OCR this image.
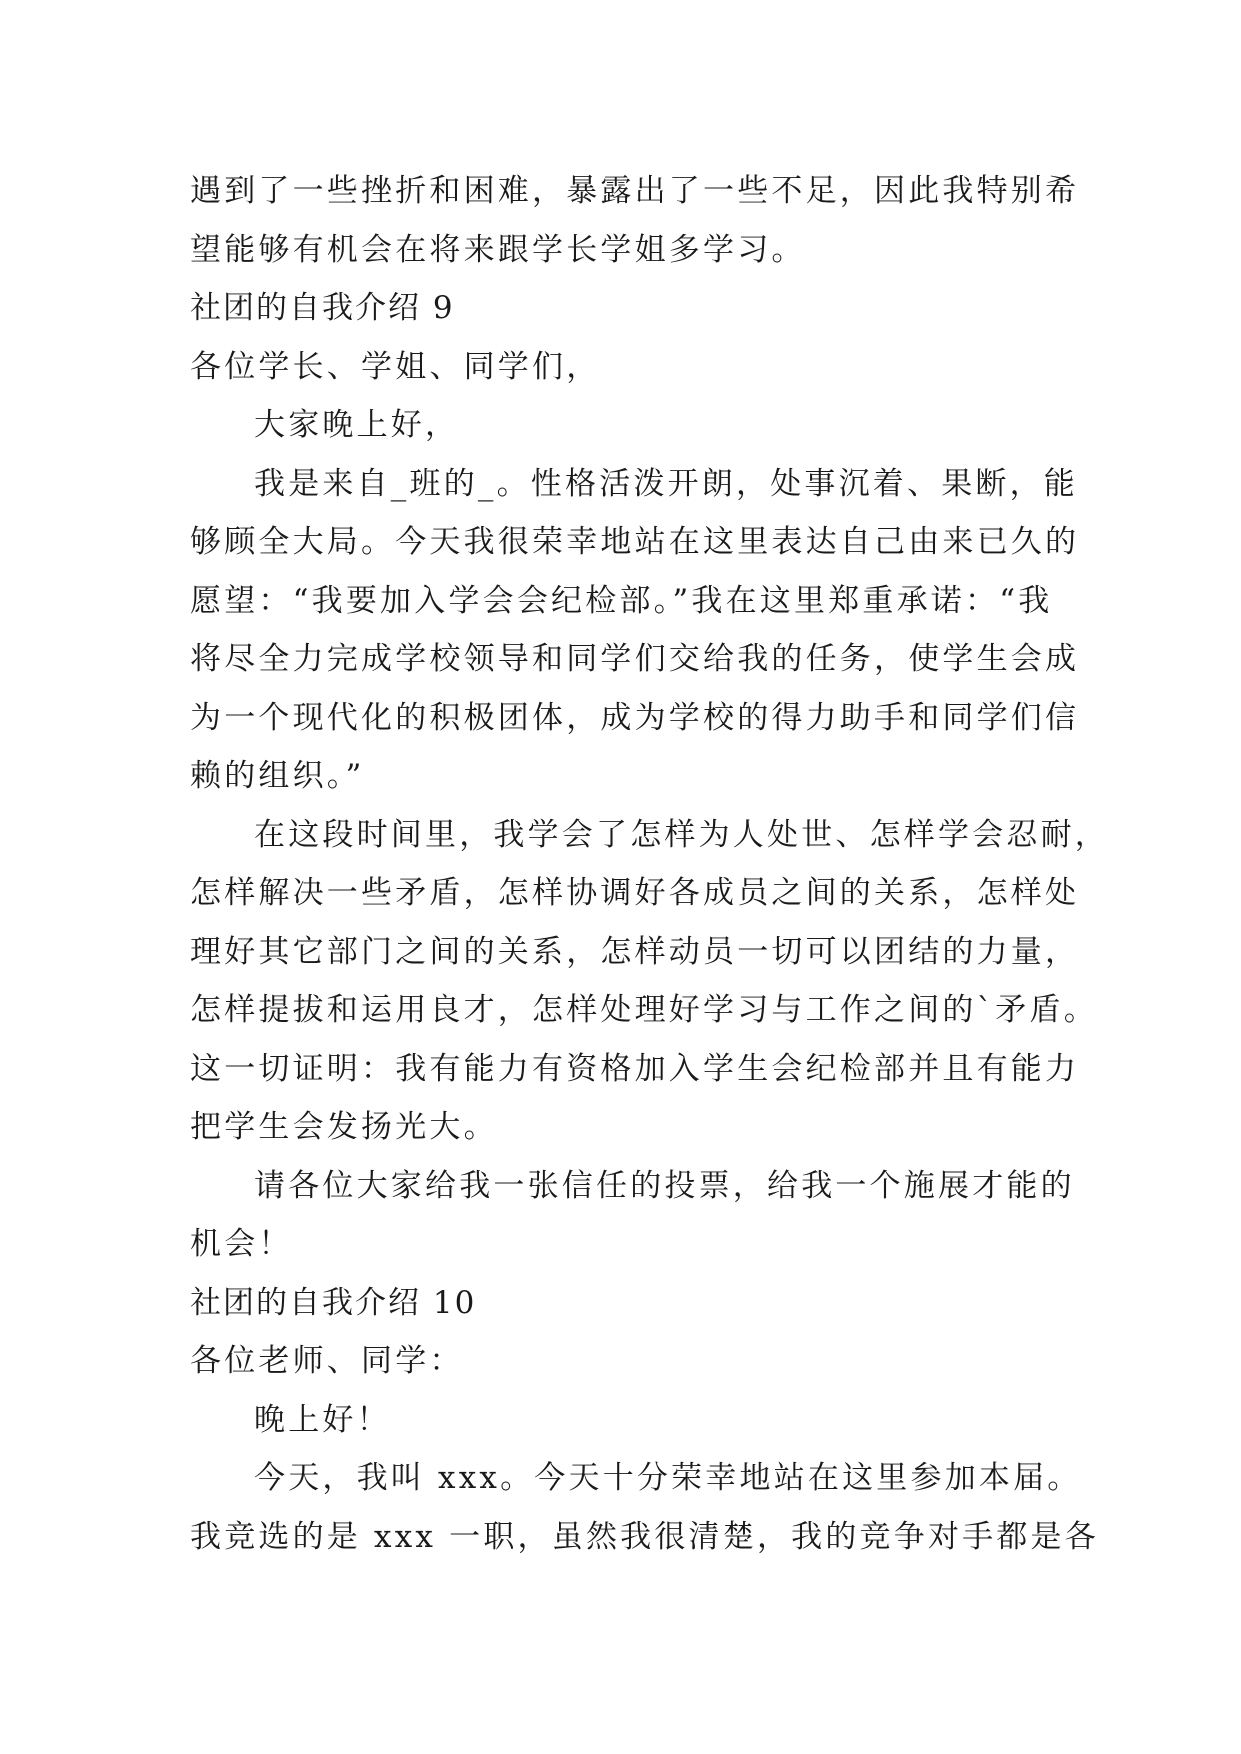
遇到了一些挫折和困难，暴露出了一些不足，因此我特别希
望能够有机会在将来跟学长学姐多学习。
社团的自我介绍 9
各位学长、学姐、同学们，
大家晚上好，
我是来自_班的_。性格活泼开朗，处事沉着、果断，能
够顾全大局。今天我很荣幸地站在这里表达自己由来已久的
愿望：“我要加入学会会纪检部。”我在这里郑重承诺：“我
将尽全力完成学校领导和同学们交给我的任务，使学生会成
为一个现代化的积极团体，成为学校的得力助手和同学们信
赖的组织。”
在这段时间里，我学会了怎样为人处世、怎样学会忍耐，
怎样解决一些矛盾，怎样协调好各成员之间的关系，怎样处
理好其它部门之间的关系，怎样动员一切可以团结的力量，
怎样提拔和运用良才，怎样处理好学习与工作之间的`矛盾。
这一切证明：我有能力有资格加入学生会纪检部并且有能力
把学生会发扬光大。
请各位大家给我一张信任的投票，给我一个施展才能的
机会！
社团的自我介绍 10
各位老师、同学：
晚上好！
今天，我叫 xxx。今天十分荣幸地站在这里参加本届。
我竞选的是 xxx 一职，虽然我很清楚，我的竞争对手都是各
